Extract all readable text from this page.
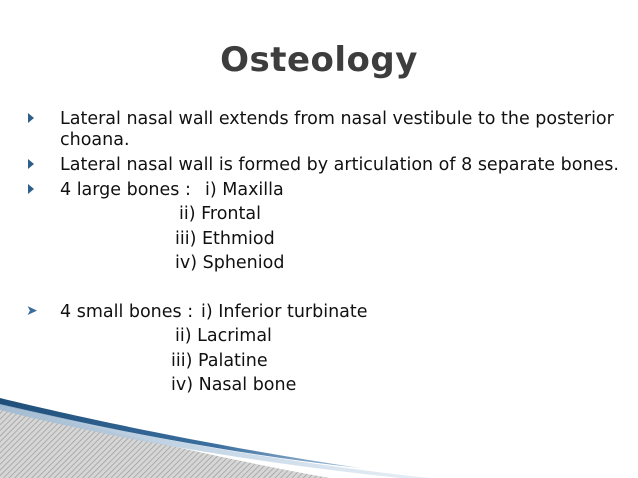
Osteology
Lateral nasal wall extends from nasal vestibule to the posterior
choana.
Lateral nasal wall is formed by articulation of 8 separate bones.
4 large bones : i) Maxilla
ii) Frontal
iii) Ethmiod
iv) Spheniod
➤ 4 small bones : i) Inferior turbinate
ii) Lacrimal
iii) Palatine
iv) Nasal bone
